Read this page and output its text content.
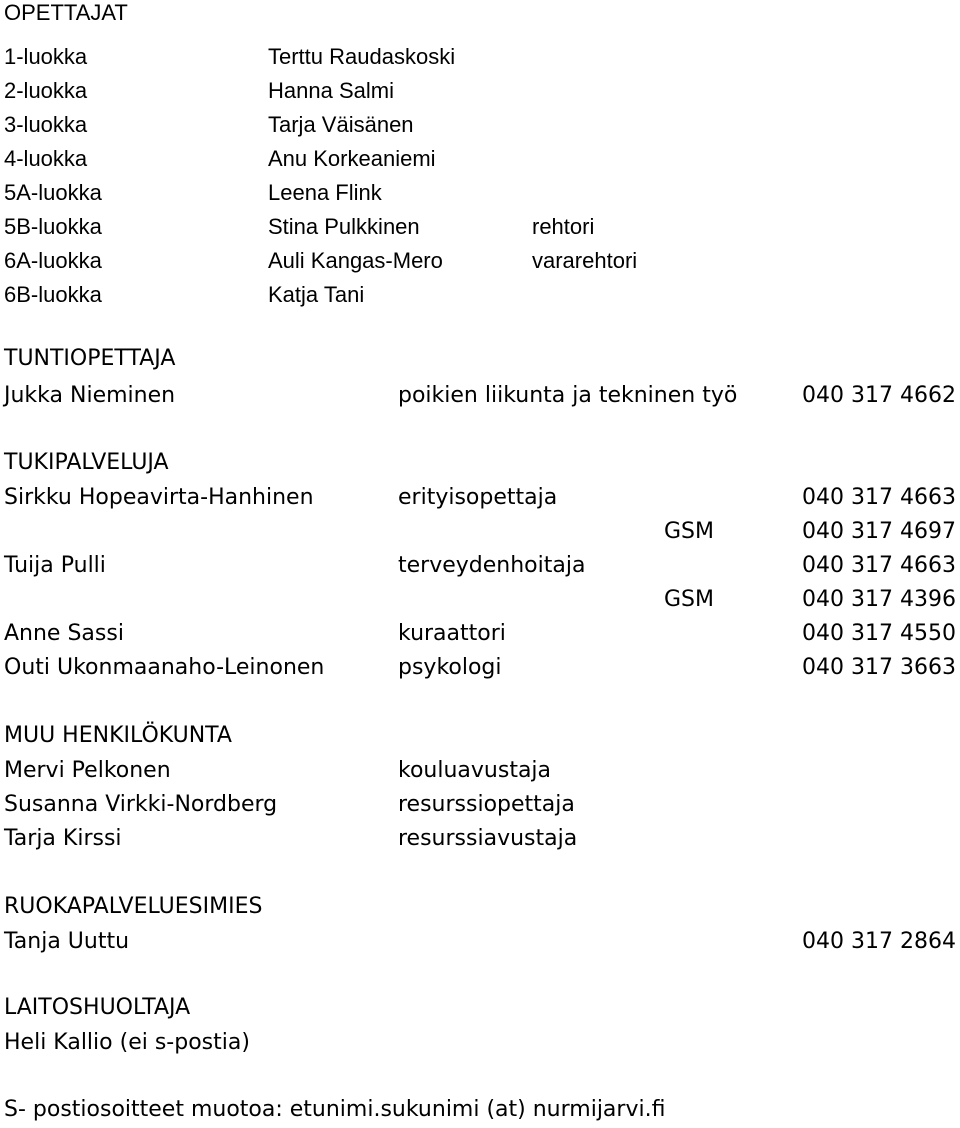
OPETTAJAT
1-luokka	Terttu Raudaskoski
2-luokka	Hanna Salmi
3-luokka	Tarja Väisänen
4-luokka	Anu Korkeaniemi
5A-luokka	Leena Flink
5B-luokka	Stina Pulkkinen	rehtori
6A-luokka	Auli Kangas-Mero	vararehtori
6B-luokka	Katja Tani
TUNTIOPETTAJA
Jukka Nieminen	poikien liikunta ja tekninen työ	040 317 4662
TUKIPALVELUJA
Sirkku Hopeavirta-Hanhinen	erityisopettaja	040 317 4663
GSM	040 317 4697
Tuija Pulli	terveydenhoitaja	040 317 4663
GSM	040 317 4396
Anne Sassi	kuraattori	040 317 4550
Outi Ukonmaanaho-Leinonen	psykologi	040 317 3663
MUU HENKILÖKUNTA
Mervi Pelkonen	kouluavustaja
Susanna Virkki-Nordberg	resurssiopettaja
Tarja Kirssi	resurssiavustaja
RUOKAPALVELUESIMIES
Tanja Uuttu	040 317 2864
LAITOSHUOLTAJA
Heli Kallio (ei s-postia)
S- postiosoitteet muotoa: etunimi.sukunimi (at) nurmijarvi.fi
